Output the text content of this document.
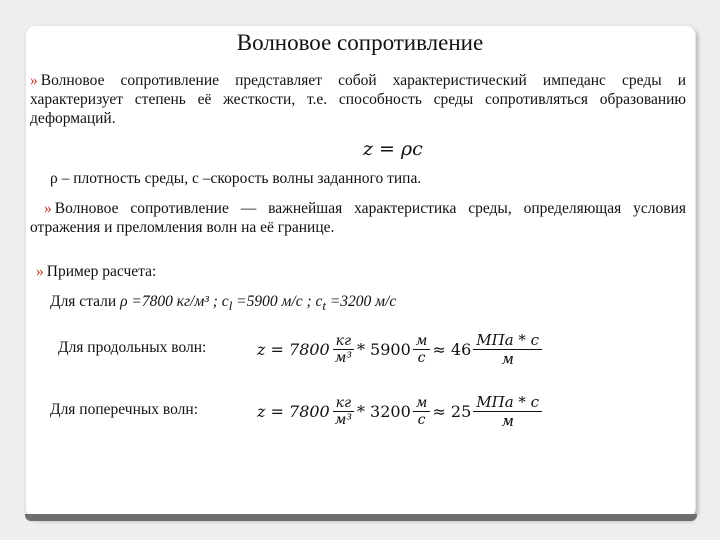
Волновое сопротивление
» Волновое сопротивление представляет собой характеристический импеданс среды и характеризует степень её жесткости, т.е. способность среды сопротивляться образованию деформаций.
z = ρc
ρ – плотность среды, c –скорость волны заданного типа.
» Волновое сопротивление — важнейшая характеристика среды, определяющая условия отражения и преломления волн на её границе.
» Пример расчета:
Для стали ρ =7800 кг/м³ ; $c_l =5900$ м/с ; $c_t =3200$ м/с
Для продольных волн:
Для поперечных волн:
$z = 7800 \frac{кг}{\text{м³}} * 5900 \frac{м}{с} \approx 46 \frac{\text{МПа * с}}{м}$
$z = 7800 \frac{кг}{\text{м³}} * 3200 \frac{м}{с} \approx 25 \frac{\text{МПа * с}}{м}$
